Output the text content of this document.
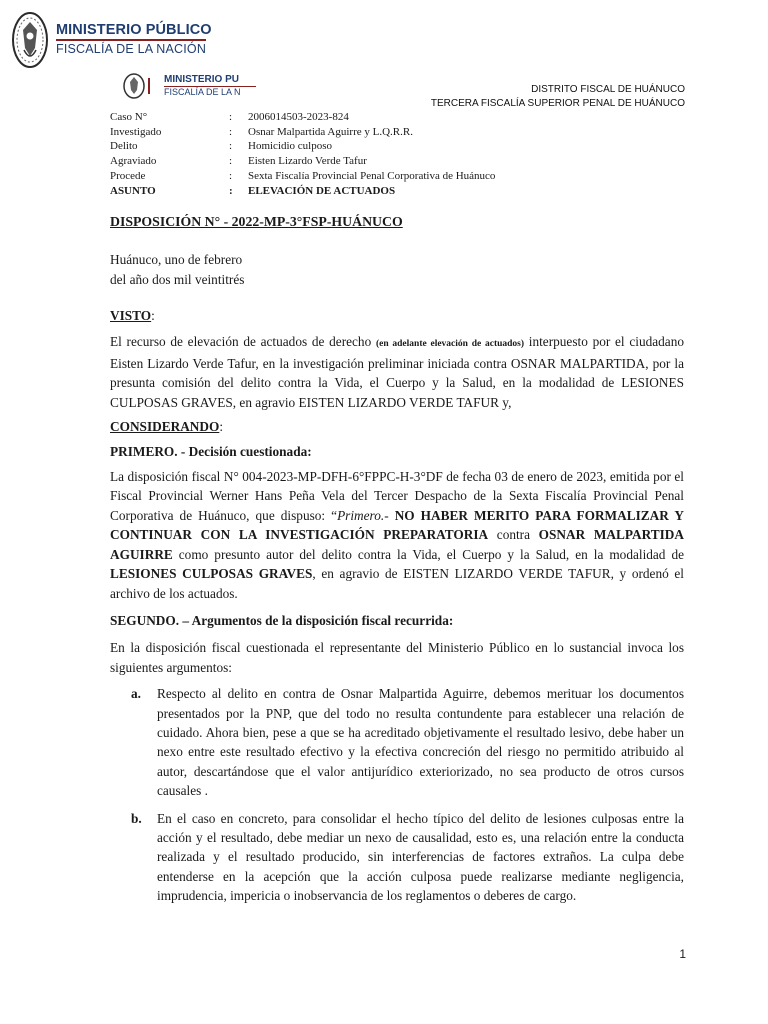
MINISTERIO PÚBLICO
FISCALÍA DE LA NACIÓN
MINISTERIO PÚ
FISCALÍA DE LA N	DISTRITO FISCAL DE HUÁNUCO
TERCERA FISCALÍA SUPERIOR PENAL DE HUÁNUCO
Caso N°	:	2006014503-2023-824
Investigado	:	Osnar Malpartida Aguirre y L.Q.R.R.
Delito	:	Homicidio culposo
Agraviado	:	Eisten Lizardo Verde Tafur
Procede	:	Sexta Fiscalía Provincial Penal Corporativa de Huánuco
ASUNTO	:	ELEVACIÓN DE ACTUADOS

DISPOSICIÓN N° - 2022-MP-3°FSP-HUÁNUCO

Huánuco, uno de febrero

del año dos mil veintitrés

VISTO:

El recurso de elevación de actuados de derecho (en adelante elevación de actuados) interpuesto por el ciudadano Eisten Lizardo Verde Tafur, en la investigación preliminar iniciada contra OSNAR MALPARTIDA, por la presunta comisión del delito contra la Vida, el Cuerpo y la Salud, en la modalidad de LESIONES CULPOSAS GRAVES, en agravio EISTEN LIZARDO VERDE TAFUR y,

CONSIDERANDO:

PRIMERO. - Decisión cuestionada:

La disposición fiscal N° 004-2023-MP-DFH-6°FPPC-H-3°DF de fecha 03 de enero de 2023, emitida por el Fiscal Provincial Werner Hans Peña Vela del Tercer Despacho de la Sexta Fiscalía Provincial Penal Corporativa de Huánuco, que dispuso: “Primero.- NO HABER MERITO PARA FORMALIZAR Y CONTINUAR CON LA INVESTIGACIÓN PREPARATORIA contra OSNAR MALPARTIDA AGUIRRE como presunto autor del delito contra la Vida, el Cuerpo y la Salud, en la modalidad de LESIONES CULPOSAS GRAVES, en agravio de EISTEN LIZARDO VERDE TAFUR, y ordenó el archivo de los actuados.

SEGUNDO. – Argumentos de la disposición fiscal recurrida:

En la disposición fiscal cuestionada el representante del Ministerio Público en lo sustancial invoca los siguientes argumentos:

a.	Respecto al delito en contra de Osnar Malpartida Aguirre, debemos merituar los documentos presentados por la PNP, que del todo no resulta contundente para establecer una relación de cuidado. Ahora bien, pese a que se ha acreditado objetivamente el resultado lesivo, debe haber un nexo entre este resultado efectivo y la efectiva concreción del riesgo no permitido atribuido al autor, descartándose que el valor antijurídico exteriorizado, no sea producto de otros cursos causales .
b.	En el caso en concreto, para consolidar el hecho típico del delito de lesiones culposas entre la acción y el resultado, debe mediar un nexo de causalidad, esto es, una relación entre la conducta realizada y el resultado producido, sin interferencias de factores extraños. La culpa debe entenderse en la acepción que la acción culposa puede realizarse mediante negligencia, imprudencia, impericia o inobservancia de los reglamentos o deberes de cargo.
1
